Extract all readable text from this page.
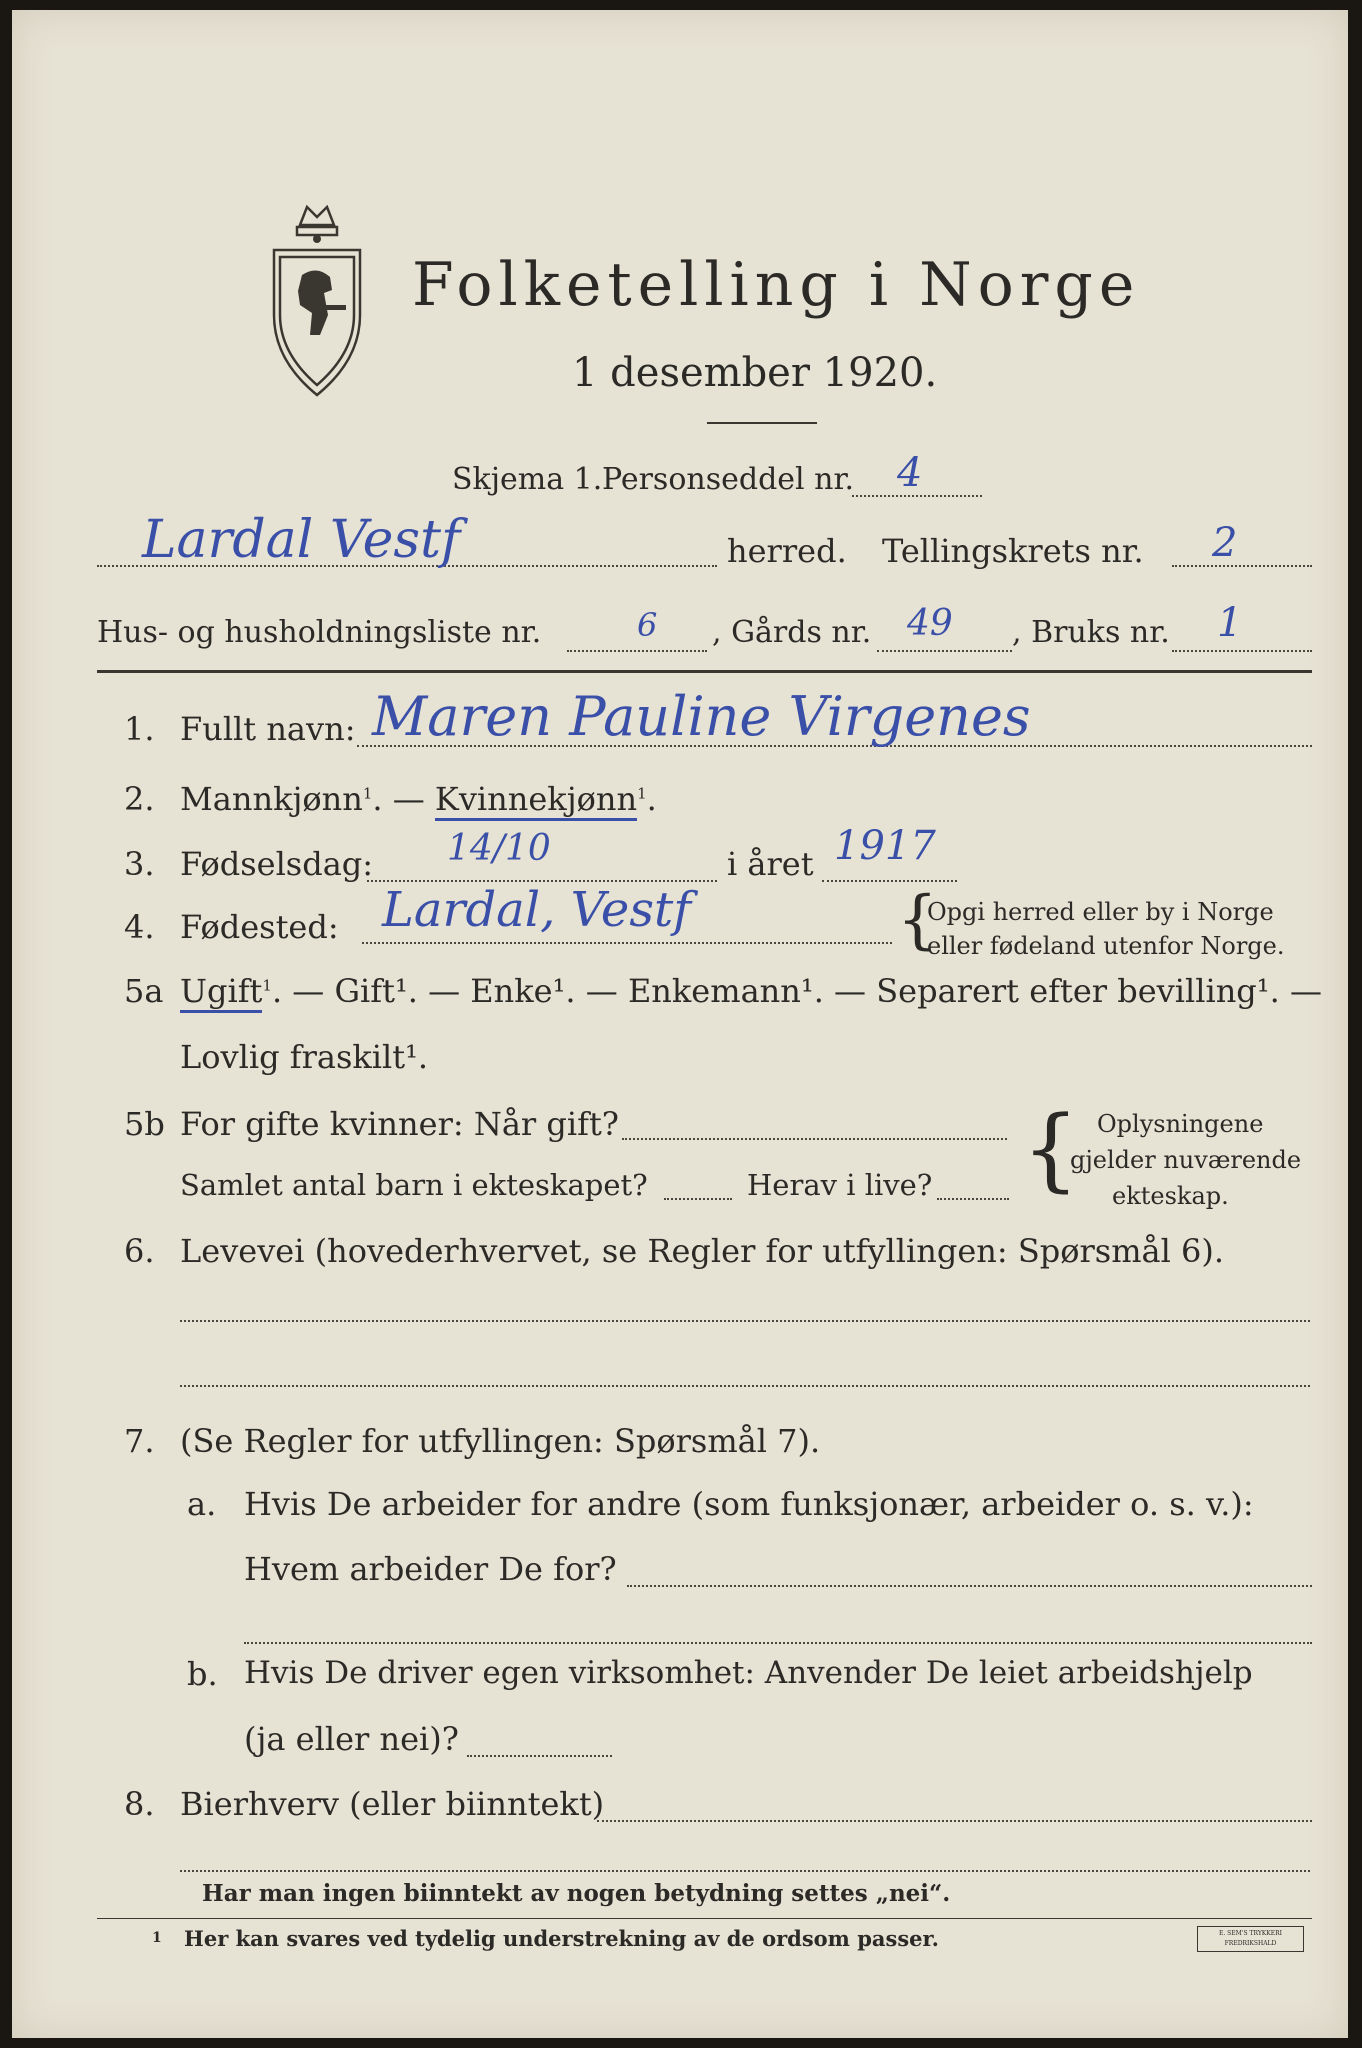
Folketelling i Norge
1 desember 1920.
Skjema 1. Personseddel nr. 4
Lardal Vestf	herred. Tellingskrets nr. 2
Hus- og husholdningsliste nr.	6 , Gårds nr. 49 , Bruks nr. 1
1. Fullt navn: Maren Pauline Virgenes
2. Mannkjønn$^1$. — Kvinnekjønn$^1$.
3. Fødselsdag: 14/10	i året 1917
4. Fødested: Lardal, Vestf	{
Opgi herred eller by i Norge
eller fødeland utenfor Norge.
5a Ugift$^1$. — Gift¹. — Enke¹. — Enkemann¹. — Separert efter bevilling¹. —
Lovlig fraskilt¹.
5b For gifte kvinner: Når gift?
Samlet antal barn i ekteskapet?	Herav i live? { Oplysningene
gjelder nuværende
ekteskap.
6. Levevei (hovederhvervet, se Regler for utfyllingen: Spørsmål 6).
7. (Se Regler for utfyllingen: Spørsmål 7).
a. Hvis De arbeider for andre (som funksjonær, arbeider o. s. v.):
Hvem arbeider De for?
b. Hvis De driver egen virksomhet: Anvender De leiet arbeidshjelp
(ja eller nei)?
8. Bierhverv (eller biinntekt)
Har man ingen biinntekt av nogen betydning settes „nei“.
1 Her kan svares ved tydelig understrekning av de ordsom passer.	E. SEM'S TRYKKERI FREDRIKSHALD
